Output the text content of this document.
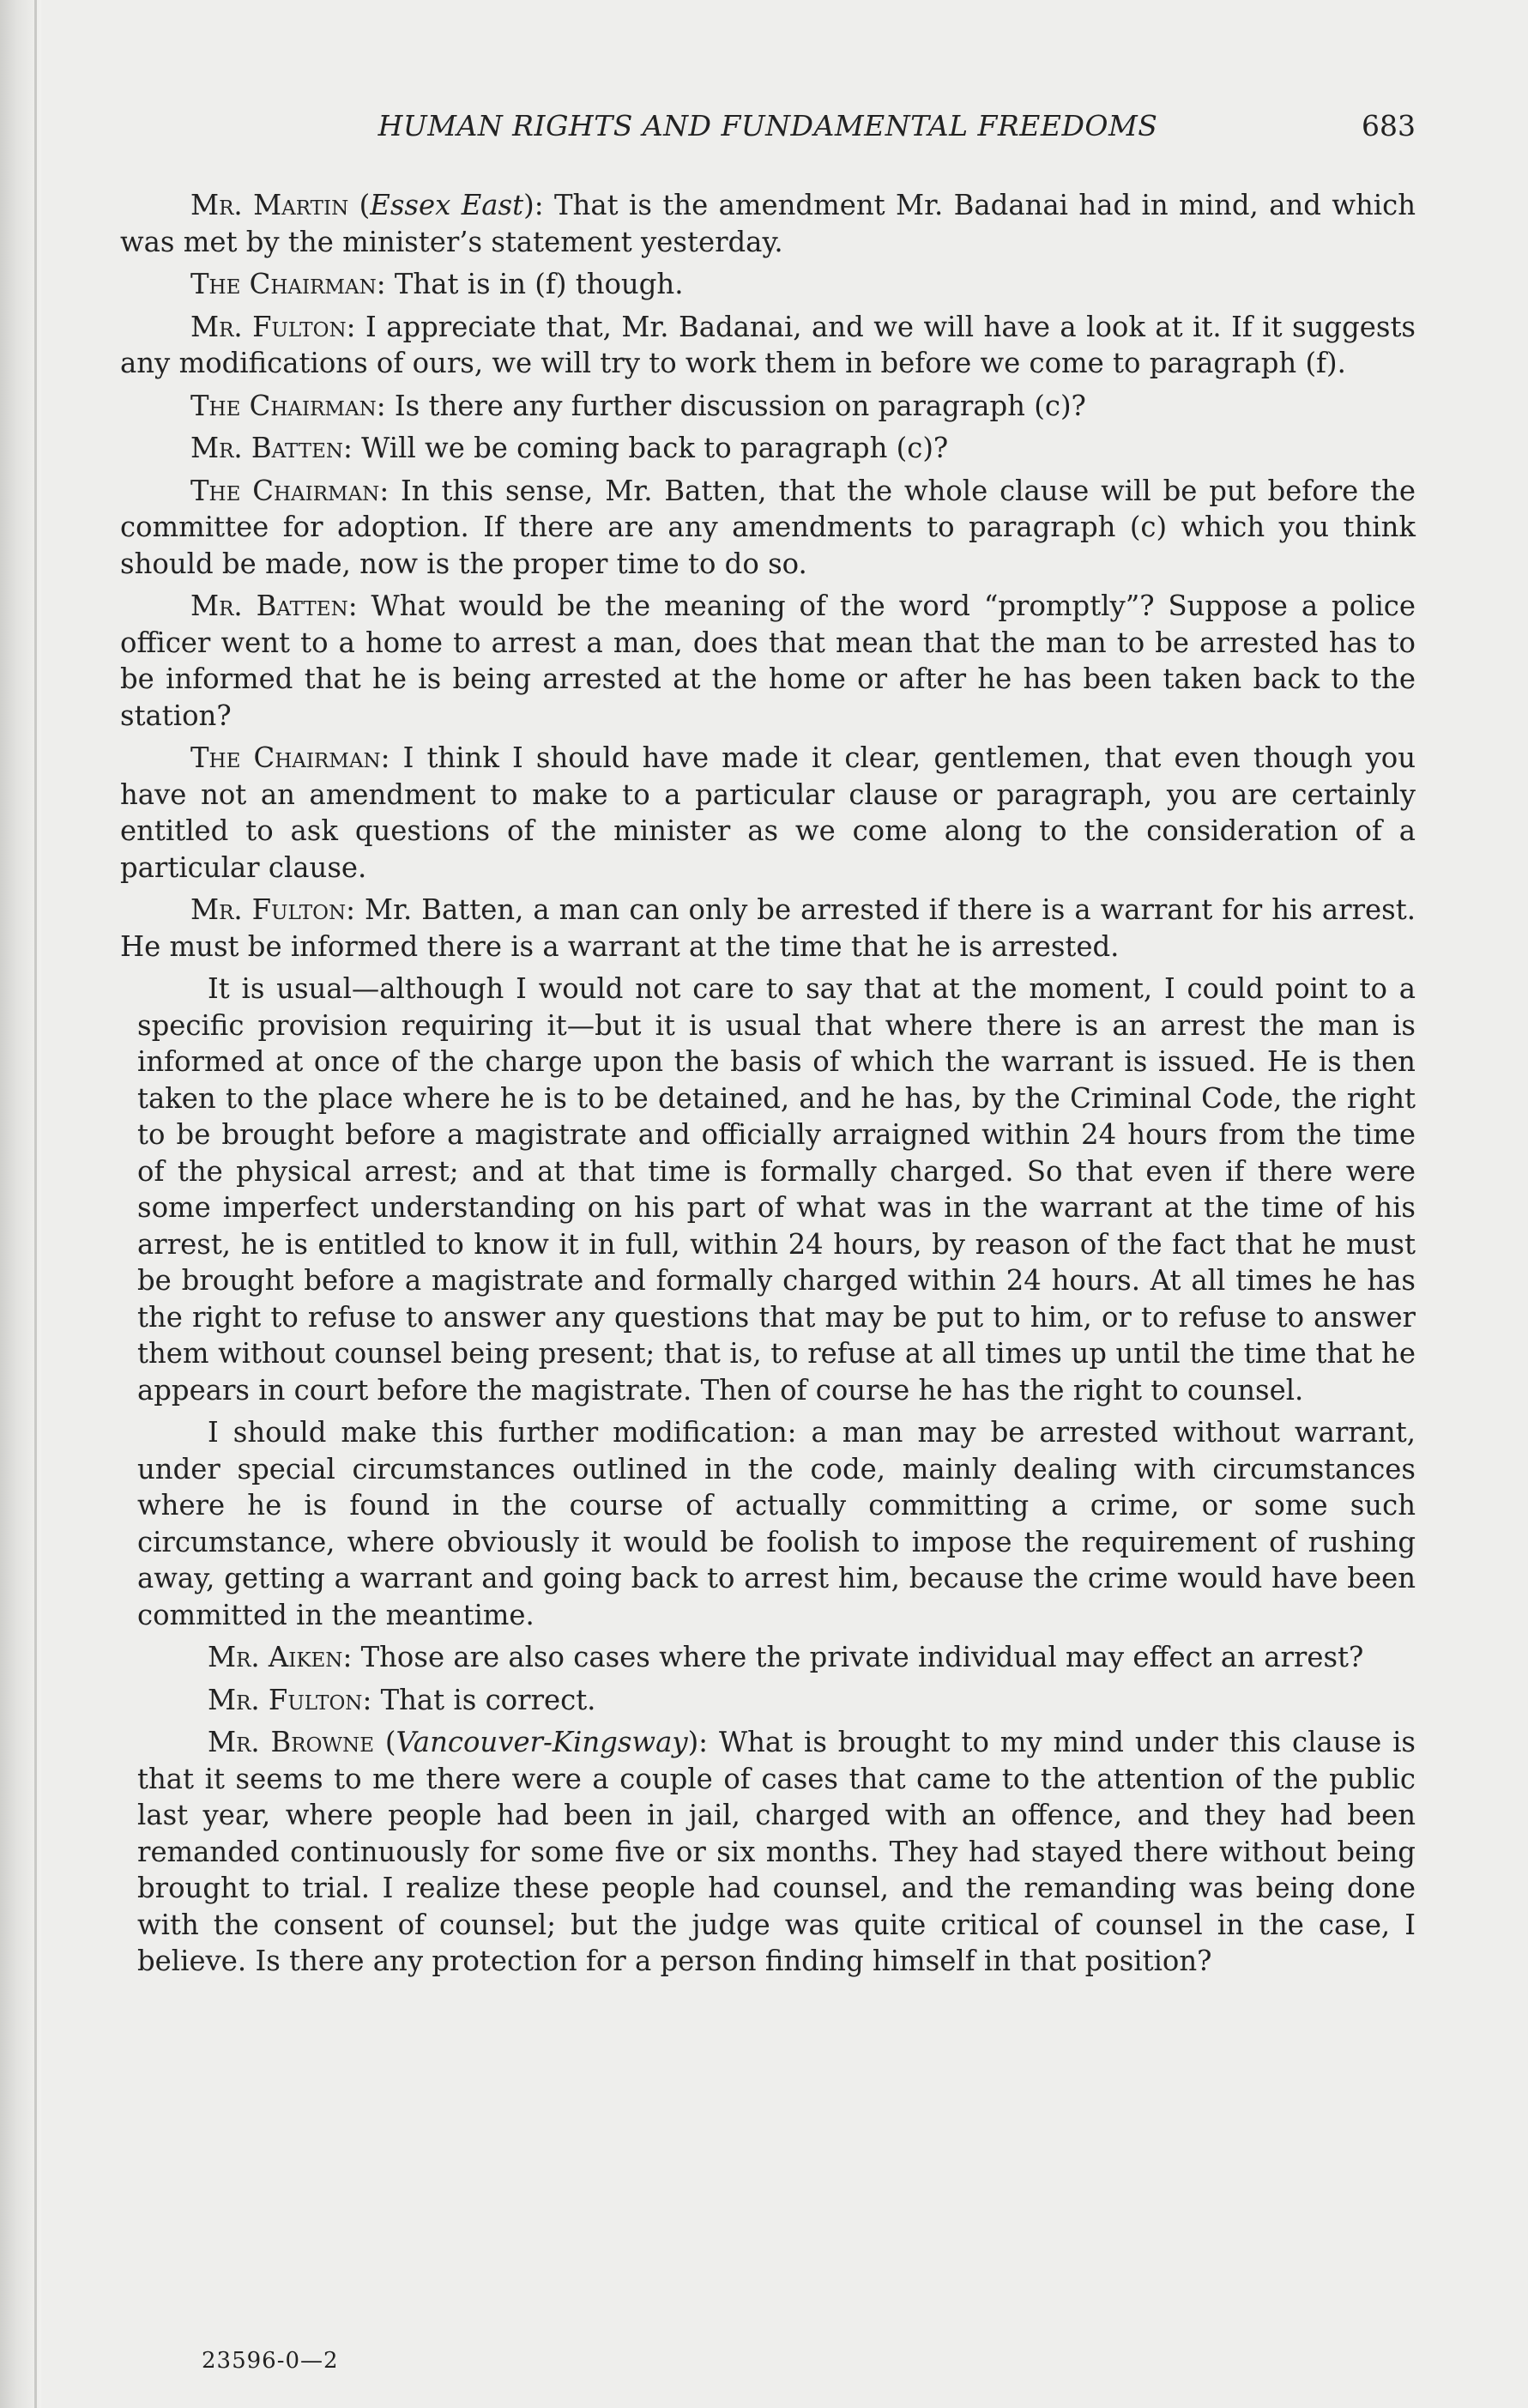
HUMAN RIGHTS AND FUNDAMENTAL FREEDOMS	683

Mr. Martin (Essex East): That is the amendment Mr. Badanai had in mind, and which was met by the minister’s statement yesterday.

The Chairman: That is in (f) though.

Mr. Fulton: I appreciate that, Mr. Badanai, and we will have a look at it. If it suggests any modifications of ours, we will try to work them in before we come to paragraph (f).

The Chairman: Is there any further discussion on paragraph (c)?

Mr. Batten: Will we be coming back to paragraph (c)?

The Chairman: In this sense, Mr. Batten, that the whole clause will be put before the committee for adoption. If there are any amendments to paragraph (c) which you think should be made, now is the proper time to do so.

Mr. Batten: What would be the meaning of the word “promptly”? Suppose a police officer went to a home to arrest a man, does that mean that the man to be arrested has to be informed that he is being arrested at the home or after he has been taken back to the station?

The Chairman: I think I should have made it clear, gentlemen, that even though you have not an amendment to make to a particular clause or paragraph, you are certainly entitled to ask questions of the minister as we come along to the consideration of a particular clause.

Mr. Fulton: Mr. Batten, a man can only be arrested if there is a warrant for his arrest. He must be informed there is a warrant at the time that he is arrested.

It is usual—although I would not care to say that at the moment, I could point to a specific provision requiring it—but it is usual that where there is an arrest the man is informed at once of the charge upon the basis of which the warrant is issued. He is then taken to the place where he is to be detained, and he has, by the Criminal Code, the right to be brought before a magistrate and officially arraigned within 24 hours from the time of the physical arrest; and at that time is formally charged. So that even if there were some imperfect understanding on his part of what was in the warrant at the time of his arrest, he is entitled to know it in full, within 24 hours, by reason of the fact that he must be brought before a magistrate and formally charged within 24 hours. At all times he has the right to refuse to answer any questions that may be put to him, or to refuse to answer them without counsel being present; that is, to refuse at all times up until the time that he appears in court before the magistrate. Then of course he has the right to counsel.

I should make this further modification: a man may be arrested without warrant, under special circumstances outlined in the code, mainly dealing with circumstances where he is found in the course of actually committing a crime, or some such circumstance, where obviously it would be foolish to impose the requirement of rushing away, getting a warrant and going back to arrest him, because the crime would have been committed in the meantime.

Mr. Aiken: Those are also cases where the private individual may effect an arrest?

Mr. Fulton: That is correct.

Mr. Browne (Vancouver-Kingsway): What is brought to my mind under this clause is that it seems to me there were a couple of cases that came to the attention of the public last year, where people had been in jail, charged with an offence, and they had been remanded continuously for some five or six months. They had stayed there without being brought to trial. I realize these people had counsel, and the remanding was being done with the consent of counsel; but the judge was quite critical of counsel in the case, I believe. Is there any protection for a person finding himself in that position?

23596-0—2
